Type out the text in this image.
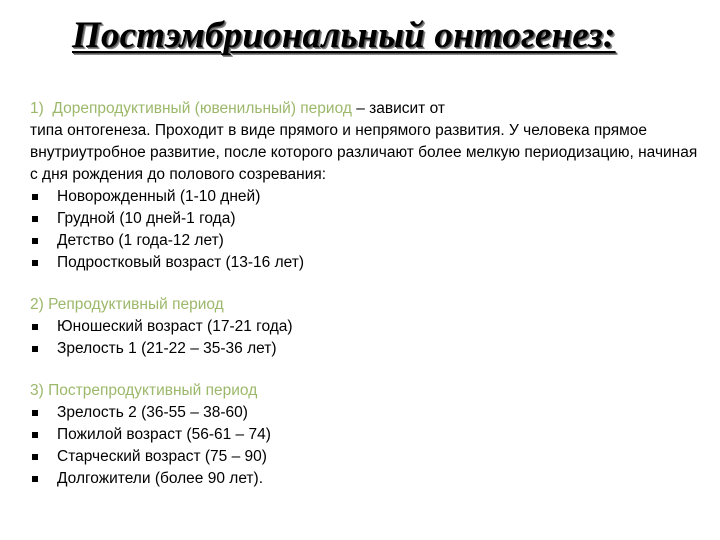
Постэмбриональный онтогенез:

1) Дорепродуктивный (ювенильный) период – зависит от
типа онтогенеза. Проходит в виде прямого и непрямого развития. У человека прямое внутриутробное развитие, после которого различают более мелкую периодизацию, начиная с дня рождения до полового созревания:

Новорожденный (1-10 дней)
Грудной (10 дней-1 года)
Детство (1 года-12 лет)
Подростковый возраст (13-16 лет)

2) Репродуктивный период

Юношеский возраст (17-21 года)
Зрелость 1 (21-22 – 35-36 лет)

3) Пострепродуктивный период

Зрелость 2 (36-55 – 38-60)
Пожилой возраст (56-61 – 74)
Старческий возраст (75 – 90)
Долгожители (более 90 лет).
